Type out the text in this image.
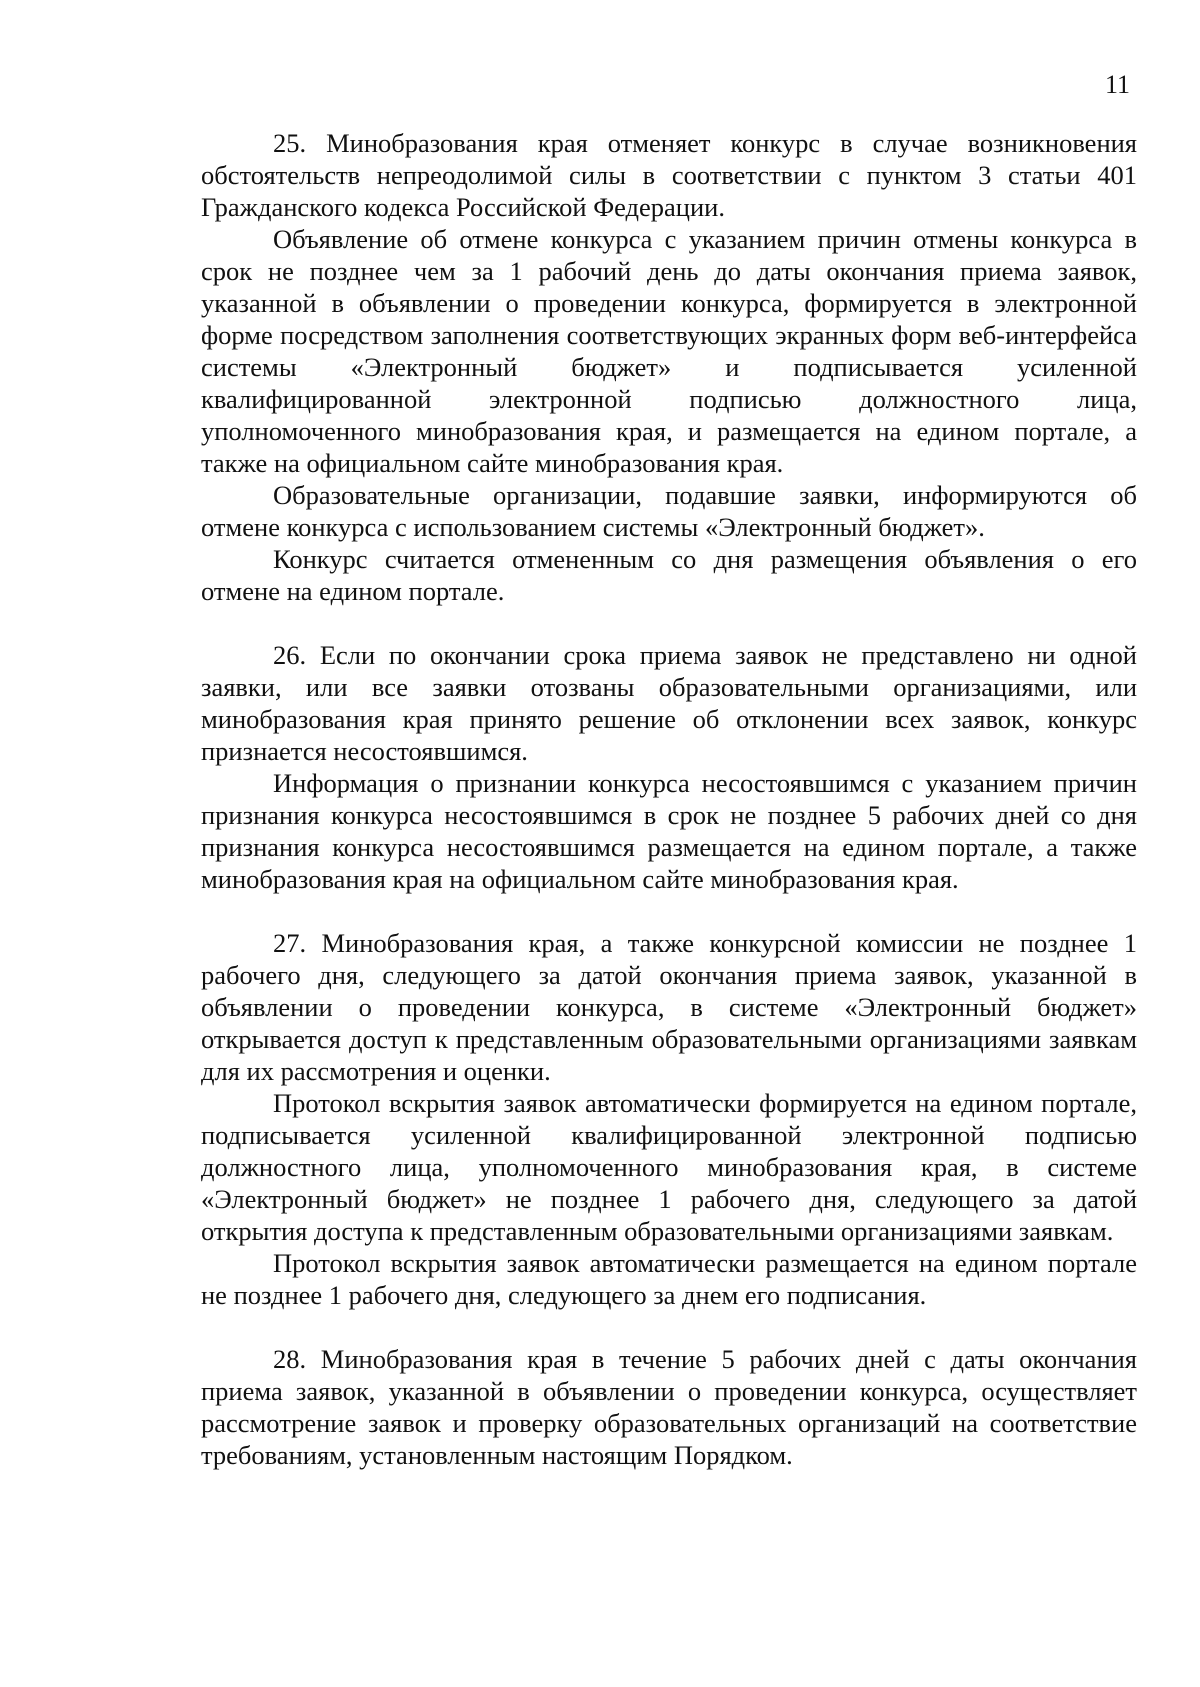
11

25. Минобразования края отменяет конкурс в случае возникновения обстоятельств непреодолимой силы в соответствии с пунктом 3 статьи 401 Гражданского кодекса Российской Федерации.

Объявление об отмене конкурса с указанием причин отмены конкурса в срок не позднее чем за 1 рабочий день до даты окончания приема заявок, указанной в объявлении о проведении конкурса, формируется в электронной форме посредством заполнения соответствующих экранных форм веб-интерфейса системы «Электронный бюджет» и подписывается усиленной квалифицированной электронной подписью должностного лица, уполномоченного минобразования края, и размещается на едином портале, а также на официальном сайте минобразования края.

Образовательные организации, подавшие заявки, информируются об отмене конкурса с использованием системы «Электронный бюджет».

Конкурс считается отмененным со дня размещения объявления о его отмене на едином портале.

26. Если по окончании срока приема заявок не представлено ни одной заявки, или все заявки отозваны образовательными организациями, или минобразования края принято решение об отклонении всех заявок, конкурс признается несостоявшимся.

Информация о признании конкурса несостоявшимся с указанием причин признания конкурса несостоявшимся в срок не позднее 5 рабочих дней со дня признания конкурса несостоявшимся размещается на едином портале, а также минобразования края на официальном сайте минобразования края.

27. Минобразования края, а также конкурсной комиссии не позднее 1 рабочего дня, следующего за датой окончания приема заявок, указанной в объявлении о проведении конкурса, в системе «Электронный бюджет» открывается доступ к представленным образовательными организациями заявкам для их рассмотрения и оценки.

Протокол вскрытия заявок автоматически формируется на едином портале, подписывается усиленной квалифицированной электронной подписью должностного лица, уполномоченного минобразования края, в системе «Электронный бюджет» не позднее 1 рабочего дня, следующего за датой открытия доступа к представленным образовательными организациями заявкам.

Протокол вскрытия заявок автоматически размещается на едином портале не позднее 1 рабочего дня, следующего за днем его подписания.

28. Минобразования края в течение 5 рабочих дней с даты окончания приема заявок, указанной в объявлении о проведении конкурса, осуществляет рассмотрение заявок и проверку образовательных организаций на соответствие требованиям, установленным настоящим Порядком.
